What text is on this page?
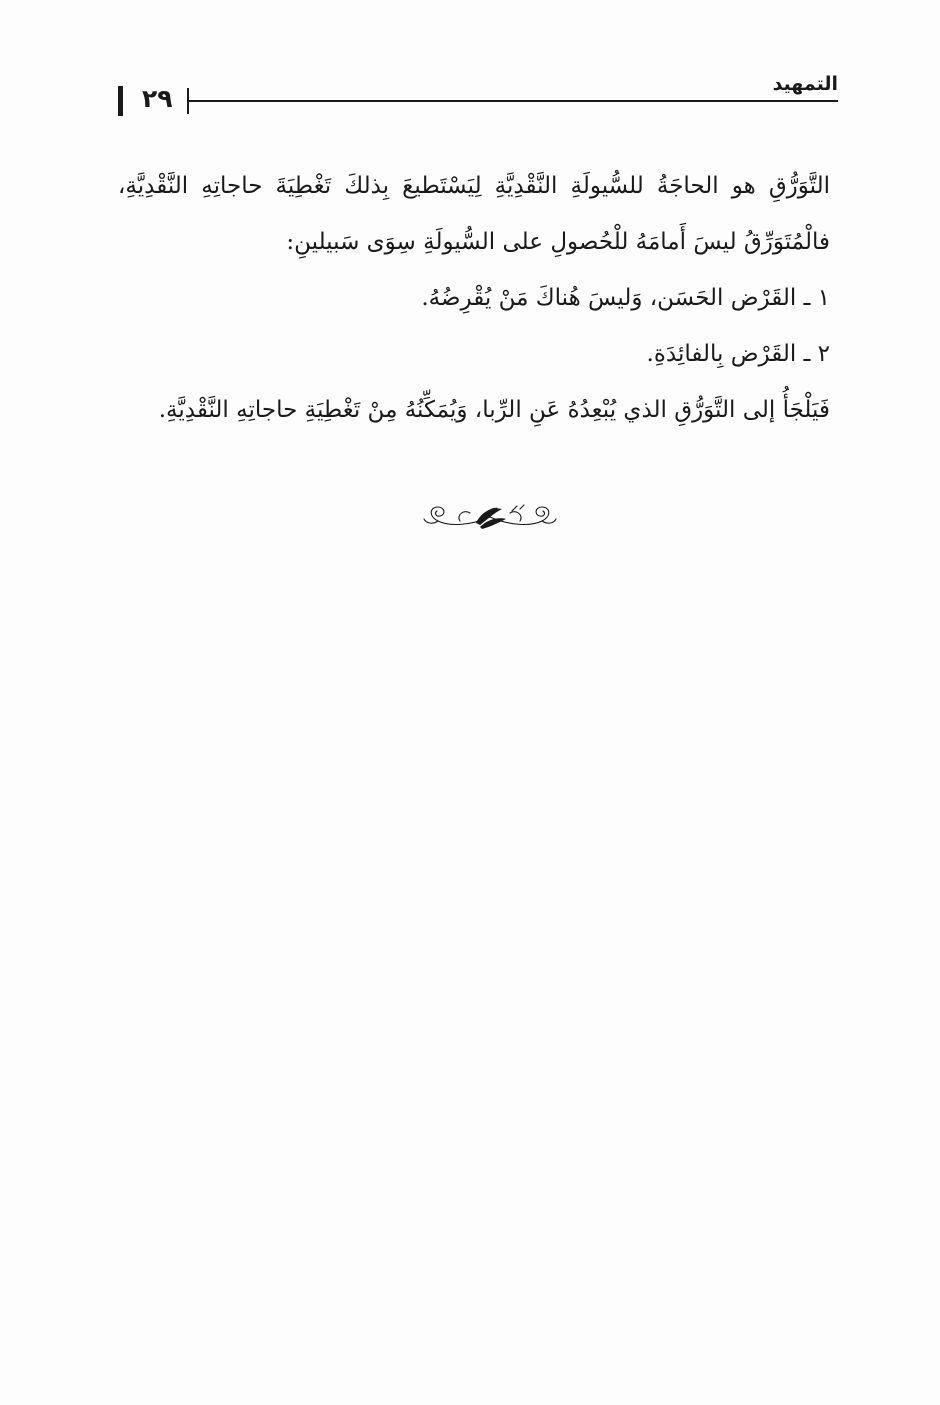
٢٩	التمهيد

التَّوَرُّقِ هو الحاجَةُ للسُّيولَةِ النَّقْدِيَّةِ لِيَسْتَطيعَ بِذلكَ تَغْطِيَةَ حاجاتِهِ النَّقْدِيَّةِ، فالْمُتَوَرِّقُ ليسَ أَمامَهُ للْحُصولِ على السُّيولَةِ سِوَى سَبيلينِ:

١ ـ القَرْض الحَسَن، وَليسَ هُناكَ مَنْ يُقْرِضُهُ.

٢ ـ القَرْض بِالفائِدَةِ.

فَيَلْجَأُ إلى التَّوَرُّقِ الذي يُبْعِدُهُ عَنِ الرِّبا، وَيُمَكِّنُهُ مِنْ تَغْطِيَةِ حاجاتِهِ النَّقْدِيَّةِ.
